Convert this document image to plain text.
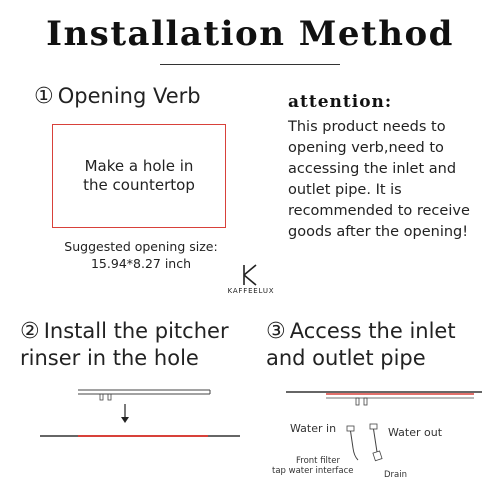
Installation Method
① Opening Verb
Make a hole in the countertop
Suggested opening size:
15.94*8.27 inch
attention:
This product needs to opening verb,need to accessing the inlet and outlet pipe. It is recommended to receive goods after the opening!
KAFFEELUX
② Install the pitcher rinser in the hole
③ Access the inlet and outlet pipe
Water in	Water out
Front filter
tap water interface	Drain
